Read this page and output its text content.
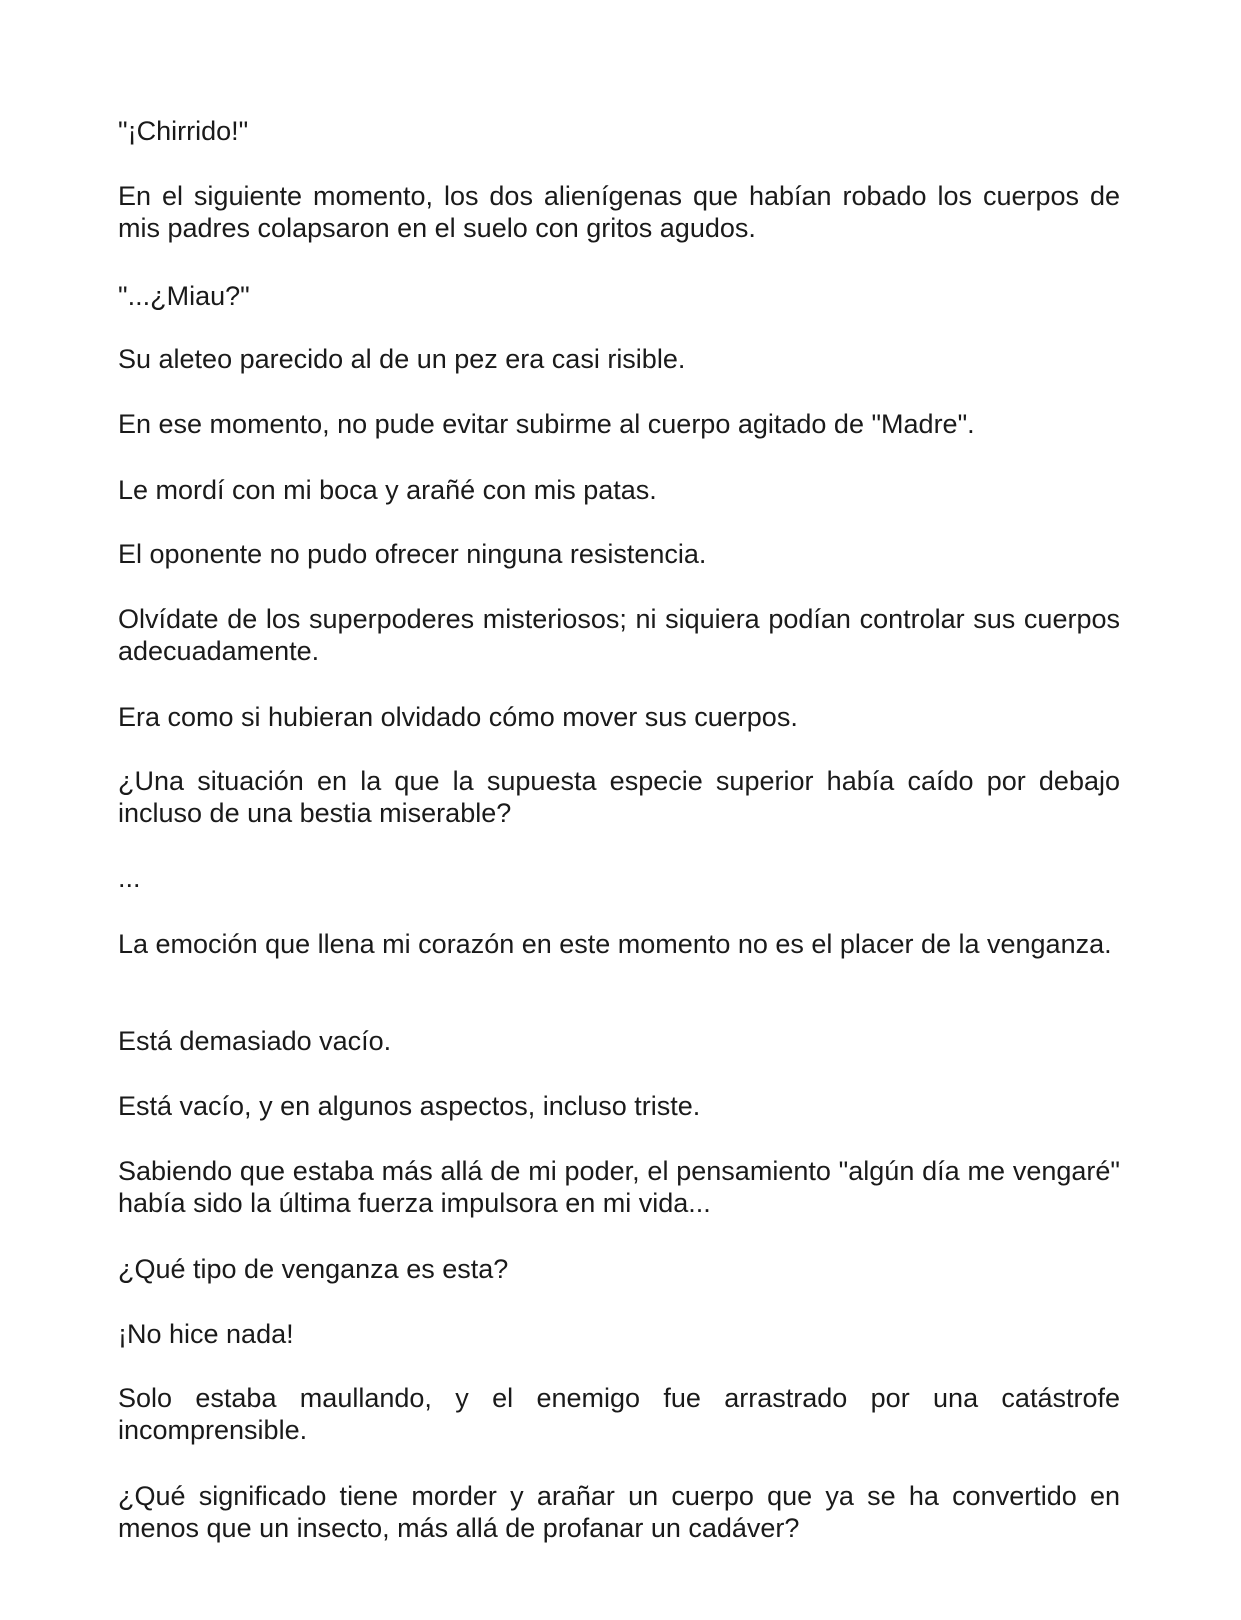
"¡Chirrido!"

En el siguiente momento, los dos alienígenas que habían robado los cuerpos de mis padres colapsaron en el suelo con gritos agudos.

"...¿Miau?"

Su aleteo parecido al de un pez era casi risible.

En ese momento, no pude evitar subirme al cuerpo agitado de "Madre".

Le mordí con mi boca y arañé con mis patas.

El oponente no pudo ofrecer ninguna resistencia.

Olvídate de los superpoderes misteriosos; ni siquiera podían controlar sus cuerpos adecuadamente.

Era como si hubieran olvidado cómo mover sus cuerpos.

¿Una situación en la que la supuesta especie superior había caído por debajo incluso de una bestia miserable?

...

La emoción que llena mi corazón en este momento no es el placer de la venganza.

Está demasiado vacío.

Está vacío, y en algunos aspectos, incluso triste.

Sabiendo que estaba más allá de mi poder, el pensamiento "algún día me vengaré" había sido la última fuerza impulsora en mi vida...

¿Qué tipo de venganza es esta?

¡No hice nada!

Solo estaba maullando, y el enemigo fue arrastrado por una catástrofe incomprensible.

¿Qué significado tiene morder y arañar un cuerpo que ya se ha convertido en menos que un insecto, más allá de profanar un cadáver?
